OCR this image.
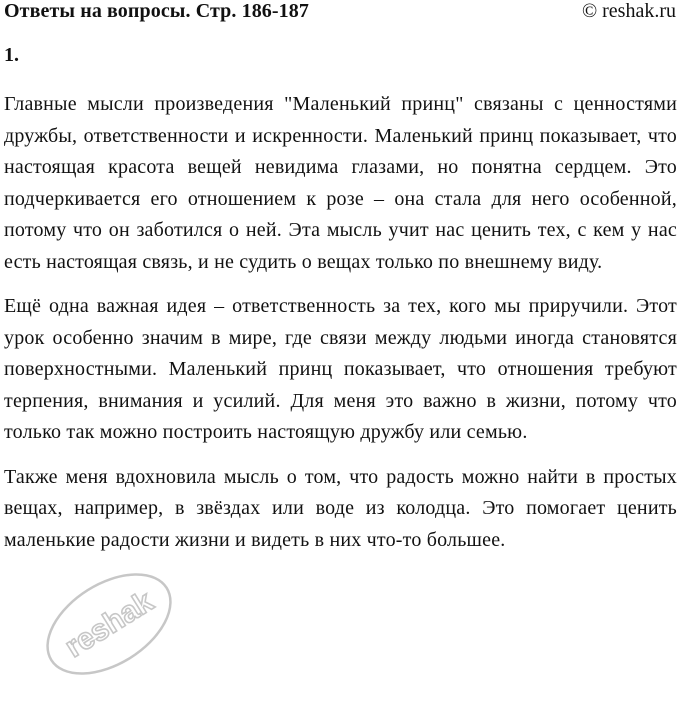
Ответы на вопросы. Стр. 186-187	© reshak.ru
1.

Главные мысли произведения "Маленький принц" связаны с ценностями дружбы, ответственности и искренности. Маленький принц показывает, что настоящая красота вещей невидима глазами, но понятна сердцем. Это подчеркивается его отношением к розе – она стала для него особенной, потому что он заботился о ней. Эта мысль учит нас ценить тех, с кем у нас есть настоящая связь, и не судить о вещах только по внешнему виду.

Ещё одна важная идея – ответственность за тех, кого мы приручили. Этот урок особенно значим в мире, где связи между людьми иногда становятся поверхностными. Маленький принц показывает, что отношения требуют терпения, внимания и усилий. Для меня это важно в жизни, потому что только так можно построить настоящую дружбу или семью.

Также меня вдохновила мысль о том, что радость можно найти в простых вещах, например, в звёздах или воде из колодца. Это помогает ценить маленькие радости жизни и видеть в них что-то большее.

reshak
